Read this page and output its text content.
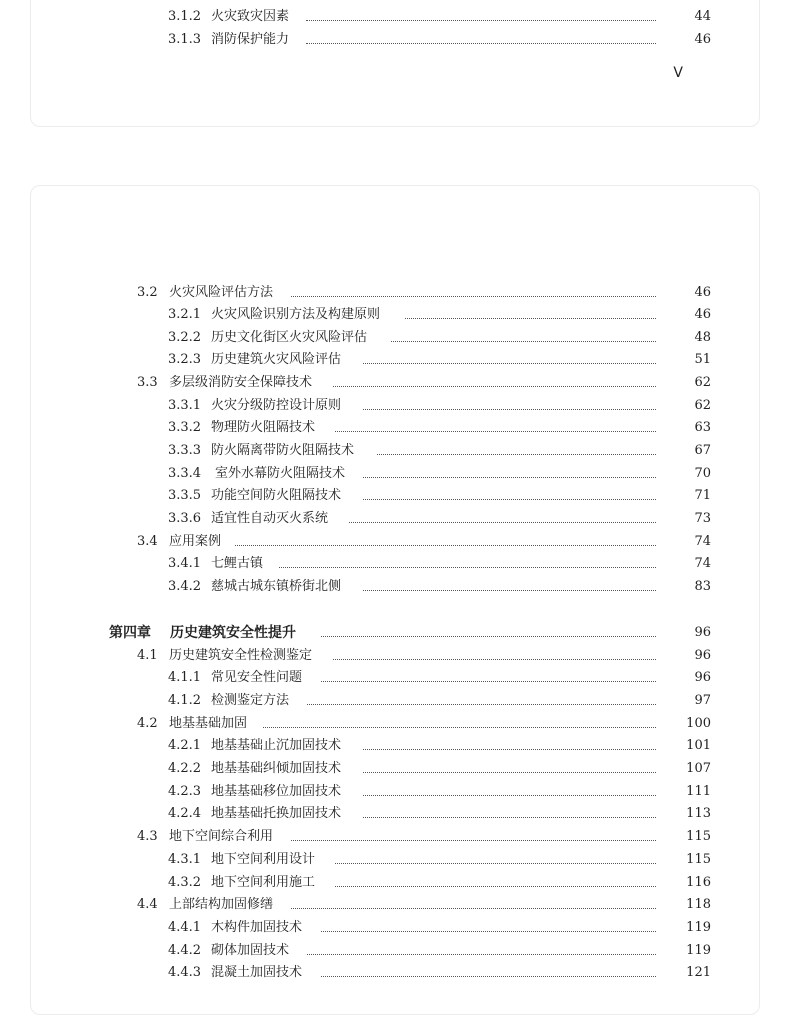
3.1.2 火灾致灾因素	44
3.1.3 消防保护能力	46
V
3.2 火灾风险评估方法	46
3.2.1 火灾风险识别方法及构建原则	46
3.2.2 历史文化街区火灾风险评估	48
3.2.3 历史建筑火灾风险评估	51
3.3 多层级消防安全保障技术	62
3.3.1 火灾分级防控设计原则	62
3.3.2 物理防火阻隔技术	63
3.3.3 防火隔离带防火阻隔技术	67
3.3.4 室外水幕防火阻隔技术	70
3.3.5 功能空间防火阻隔技术	71
3.3.6 适宜性自动灭火系统	73
3.4 应用案例	74
3.4.1 七鲤古镇	74
3.4.2 慈城古城东镇桥街北侧	83
第四章 历史建筑安全性提升	96
4.1 历史建筑安全性检测鉴定	96
4.1.1 常见安全性问题	96
4.1.2 检测鉴定方法	97
4.2 地基基础加固	100
4.2.1 地基基础止沉加固技术	101
4.2.2 地基基础纠倾加固技术	107
4.2.3 地基基础移位加固技术	111
4.2.4 地基基础托换加固技术	113
4.3 地下空间综合利用	115
4.3.1 地下空间利用设计	115
4.3.2 地下空间利用施工	116
4.4 上部结构加固修缮	118
4.4.1 木构件加固技术	119
4.4.2 砌体加固技术	119
4.4.3 混凝土加固技术	121
